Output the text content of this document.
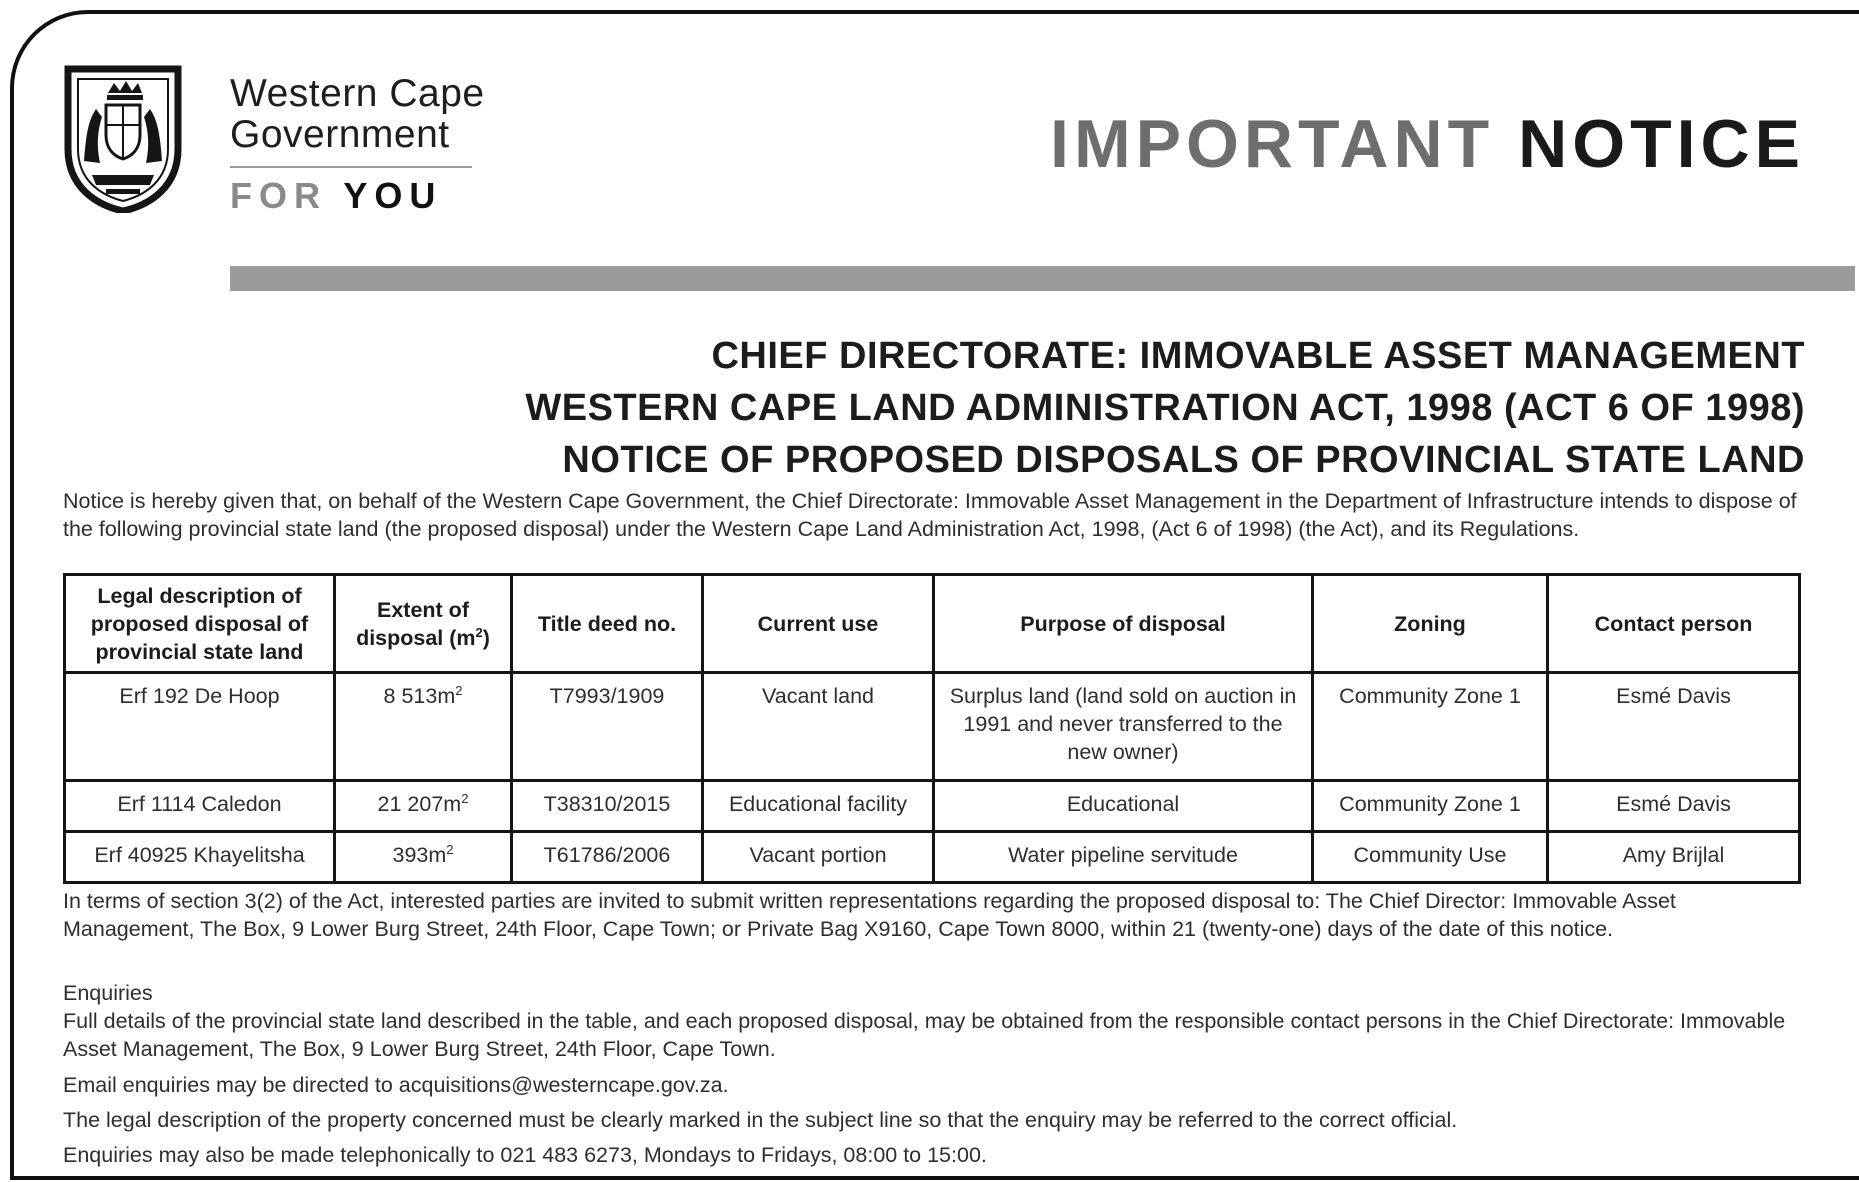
Western Cape
Government
FOR YOU
IMPORTANT NOTICE
CHIEF DIRECTORATE: IMMOVABLE ASSET MANAGEMENT
WESTERN CAPE LAND ADMINISTRATION ACT, 1998 (ACT 6 OF 1998)
NOTICE OF PROPOSED DISPOSALS OF PROVINCIAL STATE LAND
Notice is hereby given that, on behalf of the Western Cape Government, the Chief Directorate: Immovable Asset Management in the Department of Infrastructure intends to dispose of the following provincial state land (the proposed disposal) under the Western Cape Land Administration Act, 1998, (Act 6 of 1998) (the Act), and its Regulations.
Legal description of proposed disposal of provincial state land	Extent of disposal $(m^2)$	Title deed no.	Current use	Purpose of disposal	Zoning	Contact person
Erf 192 De Hoop	8 $513m^2$	T7993/1909	Vacant land	Surplus land (land sold on auction in 1991 and never transferred to the new owner)	Community Zone 1	Esmé Davis
Erf 1114 Caledon	21 $207m^2$	T38310/2015	Educational facility	Educational	Community Zone 1	Esmé Davis
Erf 40925 Khayelitsha	$393m^2$	T61786/2006	Vacant portion	Water pipeline servitude	Community Use	Amy Brijlal
In terms of section 3(2) of the Act, interested parties are invited to submit written representations regarding the proposed disposal to: The Chief Director: Immovable Asset Management, The Box, 9 Lower Burg Street, 24th Floor, Cape Town; or Private Bag X9160, Cape Town 8000, within 21 (twenty-one) days of the date of this notice.
Enquiries
Full details of the provincial state land described in the table, and each proposed disposal, may be obtained from the responsible contact persons in the Chief Directorate: Immovable Asset Management, The Box, 9 Lower Burg Street, 24th Floor, Cape Town.
Email enquiries may be directed to acquisitions@westerncape.gov.za.
The legal description of the property concerned must be clearly marked in the subject line so that the enquiry may be referred to the correct official.
Enquiries may also be made telephonically to 021 483 6273, Mondays to Fridays, 08:00 to 15:00.
